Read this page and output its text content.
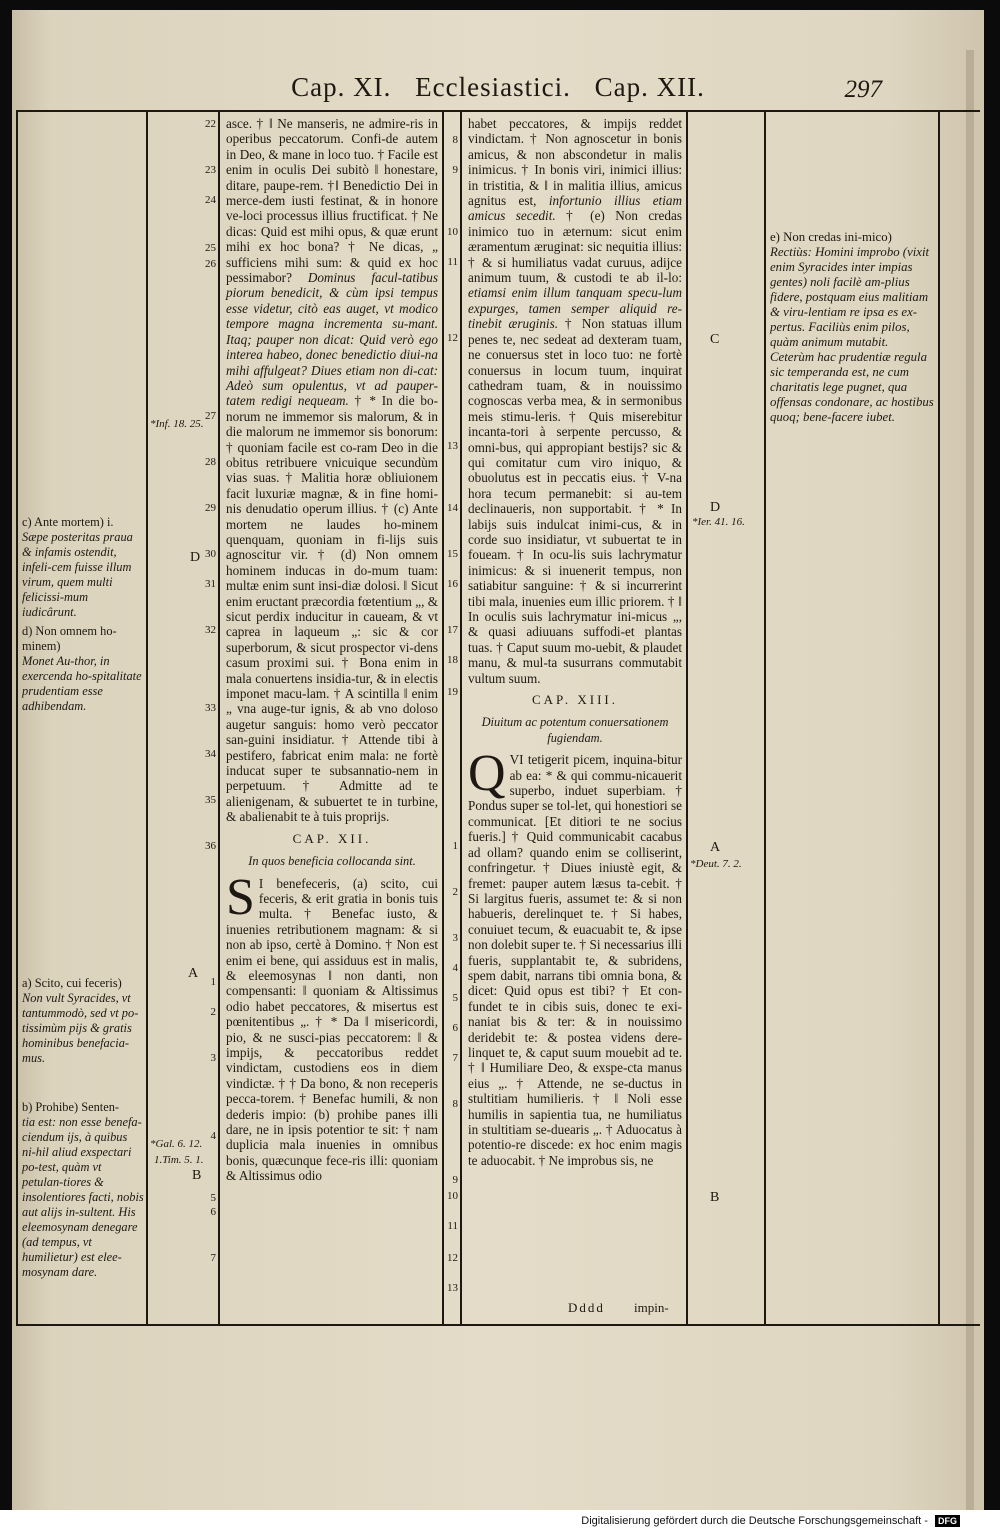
Cap. XI. Ecclesiastici. Cap. XII.	297
c) Ante mortem) i.
Sæpe posteritas praua & infamis ostendit, infeli-cem fuisse illum virum, quem multi felicissi-mum iudicârunt.
d) Non omnem ho-minem)
Monet Au-thor, in exercenda ho-spitalitate prudentiam esse adhibendam.
a) Scito, cui feceris)
Non vult Syracides, vt tantummodò, sed vt po-tissimùm pijs & gratis hominibus benefacia-mus.
b) Prohibe) Senten-
tia est: non esse benefa-ciendum ijs, à quibus ni-hil aliud exspectari po-test, quàm vt petulan-tiores & insolentiores facti, nobis aut alijs in-sultent. His eleemosynam denegare (ad tempus, vt humilietur) est elee-mosynam dare.
*Inf. 18. 25.
D
A
*Gal. 6. 12.
1.Tim. 5. 1.
B
22
23
24
25
26
27
28
29
30
31
32
33
34
35
36
1
2
3
4
5
6
7

asce. † ‖ Ne manseris, ne admire-ris in operibus peccatorum. Confi-de autem in Deo, & mane in loco tuo. † Facile est enim in oculis Dei subitò ‖ honestare, ditare, paupe-rem. †‖ Benedictio Dei in merce-dem iusti festinat, & in honore ve-loci processus illius fructificat. † Ne dicas: Quid est mihi opus, & quæ erunt mihi ex hoc bona? † Ne dicas, „ sufficiens mihi sum: & quid ex hoc pessimabor? Dominus facul-tatibus piorum benedicit, & cùm ipsi tempus esse videtur, citò eas auget, vt modico tempore magna incrementa su-mant. Itaq; pauper non dicat: Quid verò ego interea habeo, donec benedictio diui-na mihi affulgeat? Diues etiam non di-cat: Adeò sum opulentus, vt ad pauper-tatem redigi nequeam. † * In die bo-norum ne immemor sis malorum, & in die malorum ne immemor sis bonorum: † quoniam facile est co-ram Deo in die obitus retribuere vnicuique secundùm vias suas. † Malitia horæ obliuionem facit luxuriæ magnæ, & in fine homi-nis denudatio operum illius. † (c) Ante mortem ne laudes ho-minem quenquam, quoniam in fi-lijs suis agnoscitur vir. † (d) Non omnem hominem inducas in do-mum tuam: multæ enim sunt insi-diæ dolosi. ‖ Sicut enim eructant præcordia fœtentium „, & sicut perdix inducitur in caueam, & vt caprea in laqueum „: sic & cor superborum, & sicut prospector vi-dens casum proximi sui. † Bona enim in mala conuertens insidia-tur, & in electis imponet macu-lam. † A scintilla ‖ enim „ vna auge-tur ignis, & ab vno doloso augetur sanguis: homo verò peccator san-guini insidiatur. † Attende tibi à pestifero, fabricat enim mala: ne fortè inducat super te subsannatio-nem in perpetuum. † Admitte ad te alienigenam, & subuertet te in turbine, & abalienabit te à tuis proprijs.

CAP. XII.
In quos beneficia collocanda sint.

S I benefeceris, (a) scito, cui feceris, & erit gratia in bonis tuis multa. † Benefac iusto, & inuenies retributionem magnam: & si non ab ipso, certè à Domino. † Non est enim ei bene, qui assiduus est in malis, & eleemosynas ‖ non danti, non compensanti: ‖ quoniam & Altissimus odio habet peccatores, & misertus est pœnitentibus „. † * Da ‖ misericordi, pio, & ne susci-pias peccatorem: ‖ & impijs, & peccatoribus reddet vindictam, custodiens eos in diem vindictæ. † † Da bono, & non receperis pecca-torem. † Benefac humili, & non dederis impio: (b) prohibe panes illi dare, ne in ipsis potentior te sit: † nam duplicia mala inuenies in omnibus bonis, quæcunque fece-ris illi: quoniam & Altissimus odio

8
9
10
11
12
13
14
15
16
17
18
19
1
2
3
4
5
6
7
8
9
10
11
12
13

habet peccatores, & impijs reddet vindictam. † Non agnoscetur in bonis amicus, & non abscondetur in malis inimicus. † In bonis viri, inimici illius: in tristitia, & ‖ in malitia illius, amicus agnitus est, infortunio illius etiam amicus secedit. † (e) Non credas inimico tuo in æternum: sicut enim æramentum æruginat: sic nequitia illius: † & si humiliatus vadat curuus, adijce animum tuum, & custodi te ab il-lo: etiamsi enim illum tanquam specu-lum expurges, tamen semper aliquid re-tinebit æruginis. † Non statuas illum penes te, nec sedeat ad dexteram tuam, ne conuersus stet in loco tuo: ne fortè conuersus in locum tuum, inquirat cathedram tuam, & in nouissimo cognoscas verba mea, & in sermonibus meis stimu-leris. † Quis miserebitur incanta-tori à serpente percusso, & omni-bus, qui appropiant bestijs? sic & qui comitatur cum viro iniquo, & obuolutus est in peccatis eius. † V-na hora tecum permanebit: si au-tem declinaueris, non supportabit. † * In labijs suis indulcat inimi-cus, & in corde suo insidiatur, vt subuertat te in foueam. † In ocu-lis suis lachrymatur inimicus: & si inuenerit tempus, non satiabitur sanguine: † & si incurrerint tibi mala, inuenies eum illic priorem. † ‖ In oculis suis lachrymatur ini-micus „, & quasi adiuuans suffodi-et plantas tuas. † Caput suum mo-uebit, & plaudet manu, & mul-ta susurrans commutabit vultum suum.

CAP. XIII.
Diuitum ac potentum conuersationem fugiendam.

QVI tetigerit picem, inquina-bitur ab ea: * & qui commu-nicauerit superbo, induet superbiam. † Pondus super se tol-let, qui honestiori se communicat. [Et ditiori te ne socius fueris.] † Quid communicabit cacabus ad ollam? quando enim se colliserint, confringetur. † Diues iniustè egit, & fremet: pauper autem læsus ta-cebit. † Si largitus fueris, assumet te: & si non habueris, derelinquet te. † Si habes, conuiuet tecum, & euacuabit te, & ipse non dolebit super te. † Si necessarius illi fueris, supplantabit te, & subridens, spem dabit, narrans tibi omnia bona, & dicet: Quid opus est tibi? † Et con-fundet te in cibis suis, donec te exi-naniat bis & ter: & in nouissimo deridebit te: & postea videns dere-linquet te, & caput suum mouebit ad te. † ‖ Humiliare Deo, & exspe-cta manus eius „. † Attende, ne se-ductus in stultitiam humilieris. † ‖ Noli esse humilis in sapientia tua, ne humiliatus in stultitiam se-duearis „. † Aduocatus à potentio-re discede: ex hoc enim magis te aduocabit. † Ne improbus sis, ne

Dddd impin-
C
D
*Ier. 41. 16.
A
*Deut. 7. 2.
B
e) Non credas ini-mico)
Rectiùs: Homini improbo (vixit enim Syracides inter impias gentes) noli facilè am-plius fidere, postquam eius malitiam & viru-lentiam re ipsa es ex-pertus. Faciliùs enim pilos, quàm animum mutabit. Ceterùm hac prudentiæ regula sic temperanda est, ne cum charitatis lege pugnet, qua offensas condonare, ac hostibus quoq; bene-facere iubet.
Digitalisierung gefördert durch die Deutsche Forschungsgemeinschaft - DFG
